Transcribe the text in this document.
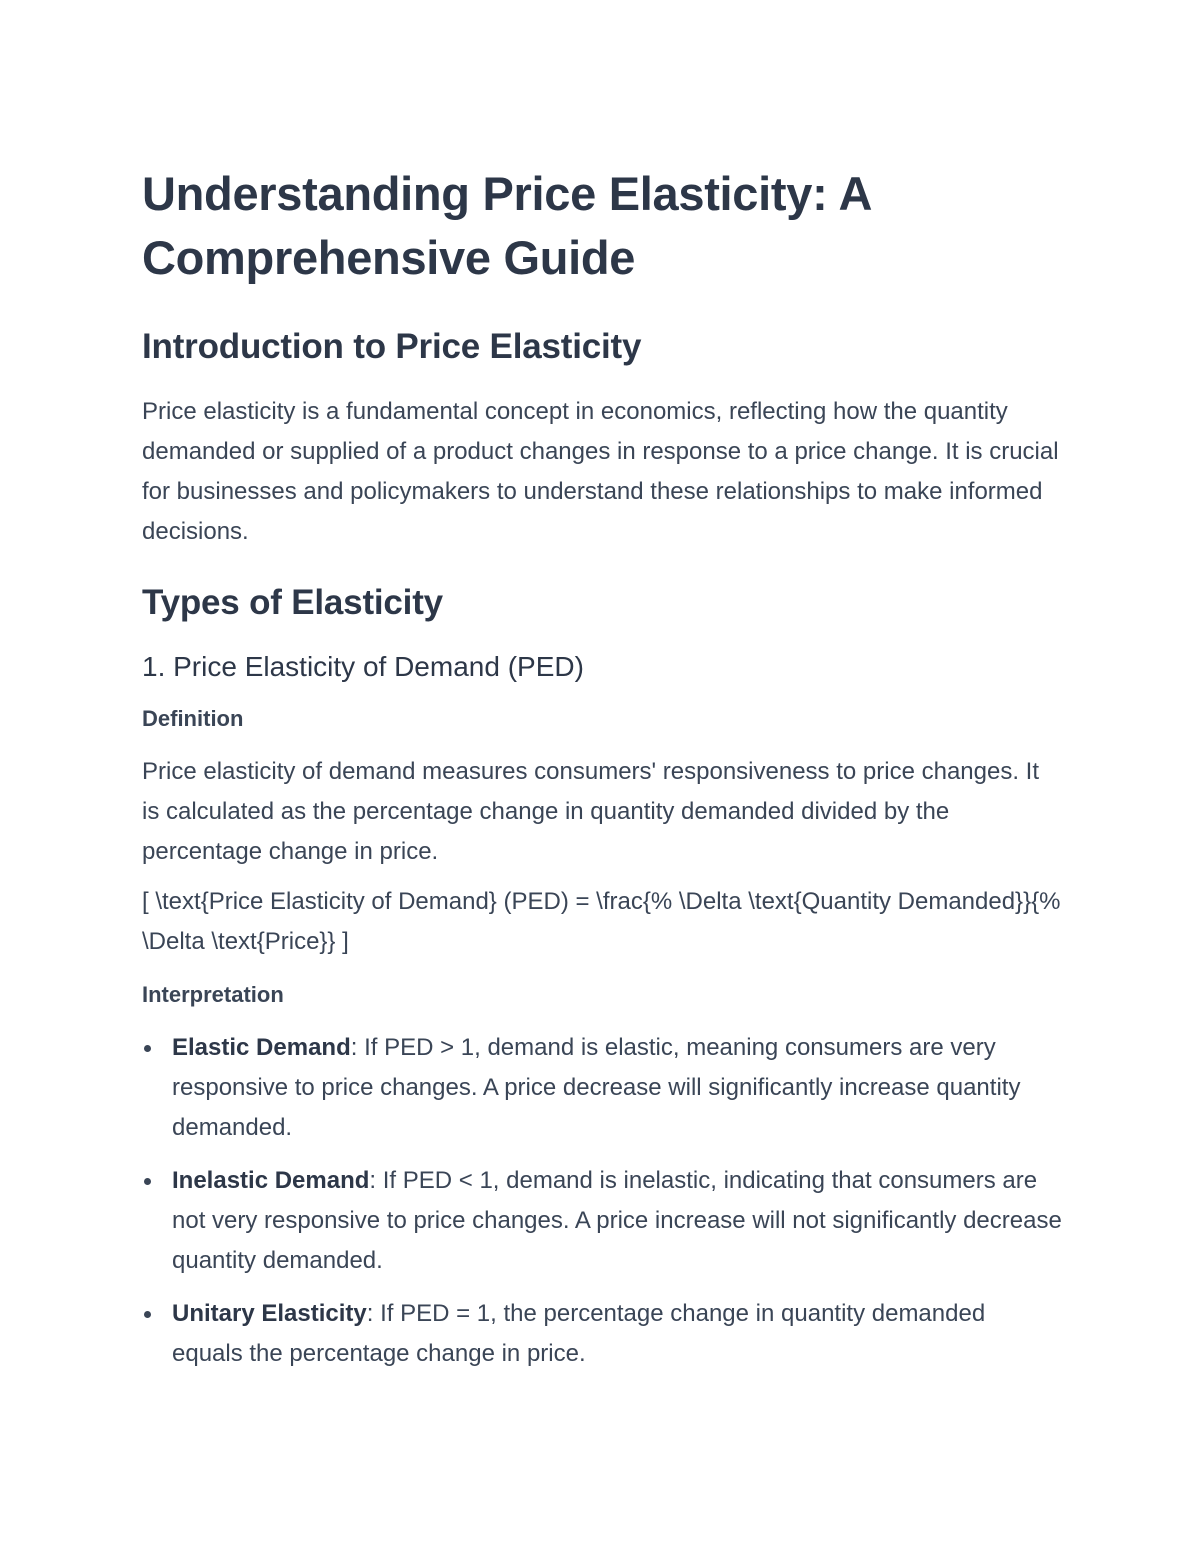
Understanding Price Elasticity: A Comprehensive Guide
Introduction to Price Elasticity

Price elasticity is a fundamental concept in economics, reflecting how the quantity demanded or supplied of a product changes in response to a price change. It is crucial for businesses and policymakers to understand these relationships to make informed decisions.

Types of Elasticity
1. Price Elasticity of Demand (PED)
Definition

Price elasticity of demand measures consumers' responsiveness to price changes. It is calculated as the percentage change in quantity demanded divided by the percentage change in price.

[ \text{Price Elasticity of Demand} (PED) = \frac{% \Delta \text{Quantity Demanded}}{% \Delta \text{Price}} ]

Interpretation
Elastic Demand: If PED > 1, demand is elastic, meaning consumers are very responsive to price changes. A price decrease will significantly increase quantity demanded.
Inelastic Demand: If PED < 1, demand is inelastic, indicating that consumers are not very responsive to price changes. A price increase will not significantly decrease quantity demanded.
Unitary Elasticity: If PED = 1, the percentage change in quantity demanded equals the percentage change in price.
